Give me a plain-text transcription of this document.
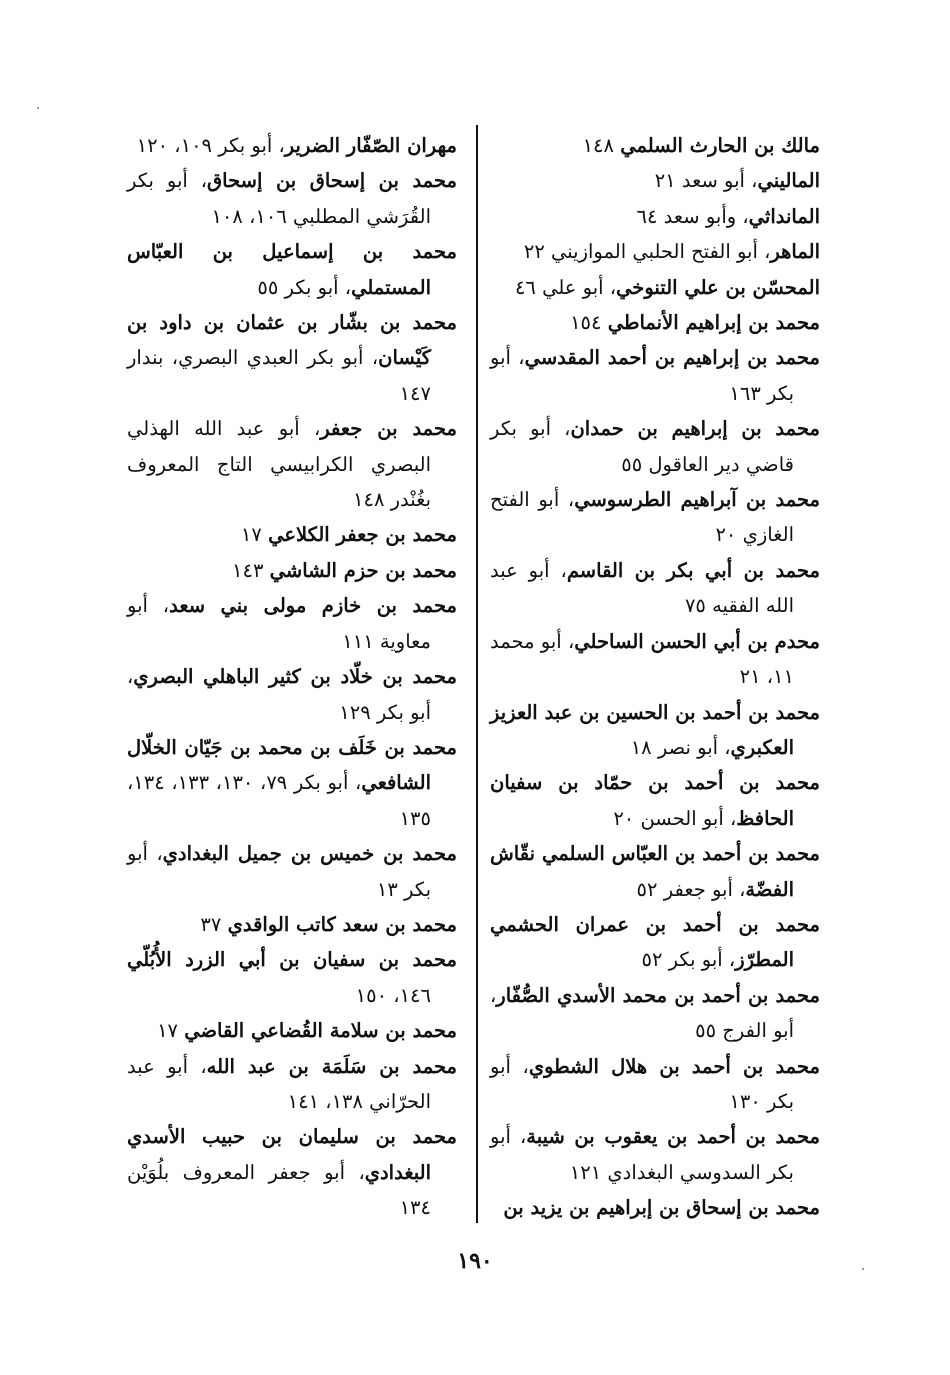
مالك بن الحارث السلمي ١٤٨
الماليني، أبو سعد ٢١
المانداثي، وأبو سعد ٦٤
الماهر، أبو الفتح الحلبي الموازيني ٢٢
المحسّن بن علي التنوخي، أبو علي ٤٦
محمد بن إبراهيم الأنماطي ١٥٤
محمد بن إبراهيم بن أحمد المقدسي، أبو بكر ١٦٣
محمد بن إبراهيم بن حمدان، أبو بكر قاضي دير العاقول ٥٥
محمد بن آبراهيم الطرسوسي، أبو الفتح الغازي ٢٠
محمد بن أبي بكر بن القاسم، أبو عبد الله الفقيه ٧٥
محدم بن أبي الحسن الساحلي، أبو محمد ١١، ٢١
محمد بن أحمد بن الحسين بن عبد العزيز العكبري، أبو نصر ١٨
محمد بن أحمد بن حمّاد بن سفيان الحافظ، أبو الحسن ٢٠
محمد بن أحمد بن العبّاس السلمي نقّاش الفضّة، أبو جعفر ٥٢
محمد بن أحمد بن عمران الحشمي المطرّز، أبو بكر ٥٢
محمد بن أحمد بن محمد الأسدي الصُّفّار، أبو الفرج ٥٥
محمد بن أحمد بن هلال الشطوي، أبو بكر ١٣٠
محمد بن أحمد بن يعقوب بن شيبة، أبو بكر السدوسي البغدادي ١٢١
محمد بن إسحاق بن إبراهيم بن يزيد بن
مهران الصّفّار الضرير، أبو بكر ١٠٩، ١٢٠
محمد بن إسحاق بن إسحاق، أبو بكر القُرَشي المطلبي ١٠٦، ١٠٨
محمد بن إسماعيل بن العبّاس المستملي، أبو بكر ٥٥
محمد بن بشّار بن عثمان بن داود بن كَيْسان، أبو بكر العبدي البصري، بندار ١٤٧
محمد بن جعفر، أبو عبد الله الهذلي البصري الكرابيسي التاج المعروف بغُنْدر ١٤٨
محمد بن جعفر الكلاعي ١٧
محمد بن حزم الشاشي ١٤٣
محمد بن خازم مولى بني سعد، أبو معاوية ١١١
محمد بن خلّاد بن كثير الباهلي البصري، أبو بكر ١٢٩
محمد بن خَلَف بن محمد بن جَيّان الخلّال الشافعي، أبو بكر ٧٩، ١٣٠، ١٣٣، ١٣٤، ١٣٥
محمد بن خميس بن جميل البغدادي، أبو بكر ١٣
محمد بن سعد كاتب الواقدي ٣٧
محمد بن سفيان بن أبي الزرد الأُبُلّي ١٤٦، ١٥٠
محمد بن سلامة القُضاعي القاضي ١٧
محمد بن سَلَمَة بن عبد الله، أبو عبد الحرّاني ١٣٨، ١٤١
محمد بن سليمان بن حبيب الأسدي البغدادي، أبو جعفر المعروف بلُوَيْن ١٣٤
١٩٠
